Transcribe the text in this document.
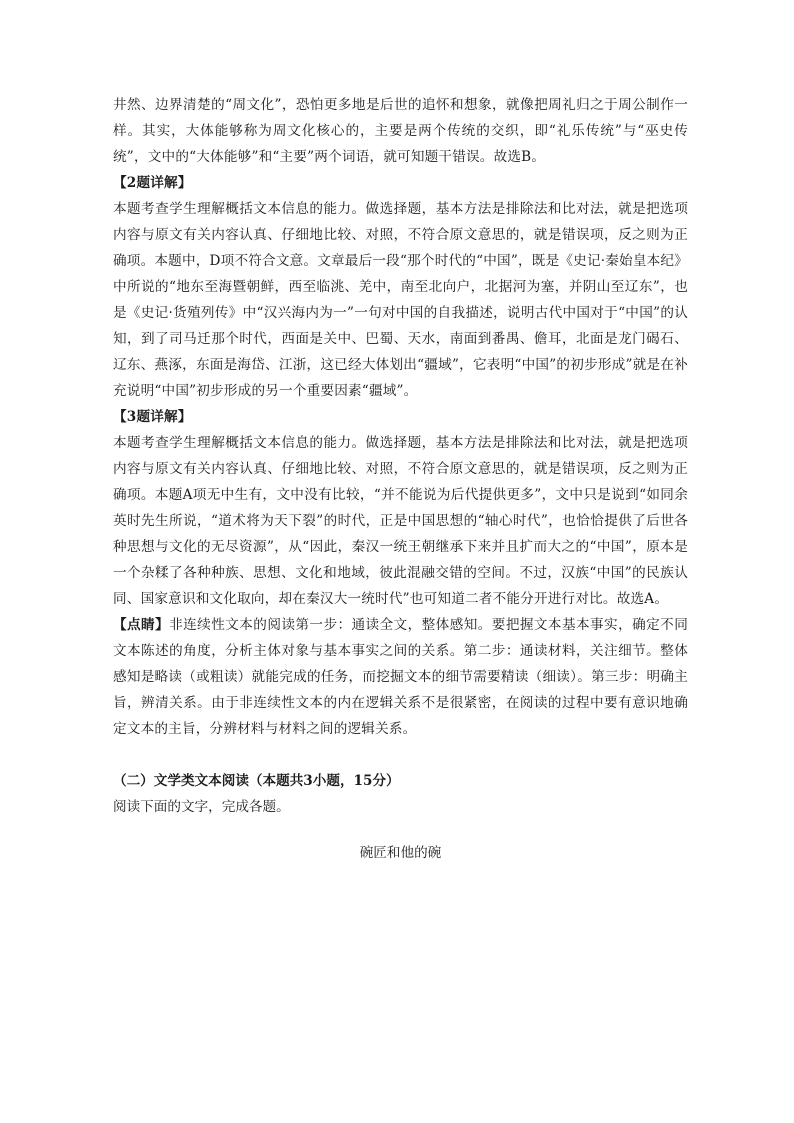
井然、边界清楚的“周文化”，恐怕更多地是后世的追怀和想象，就像把周礼归之于周公制作一样。其实，大体能够称为周文化核心的，主要是两个传统的交织，即“礼乐传统”与“巫史传统”，文中的“大体能够”和“主要”两个词语，就可知题干错误。故选B。

【2题详解】

本题考查学生理解概括文本信息的能力。做选择题，基本方法是排除法和比对法，就是把选项内容与原文有关内容认真、仔细地比较、对照，不符合原文意思的，就是错误项，反之则为正确项。本题中，D项不符合文意。文章最后一段“那个时代的“中国”，既是《史记·秦始皇本纪》中所说的“地东至海暨朝鲜，西至临洮、羌中，南至北向户，北据河为塞，并阴山至辽东”，也是《史记·货殖列传》中“汉兴海内为一”一句对中国的自我描述，说明古代中国对于“中国”的认知，到了司马迁那个时代，西面是关中、巴蜀、天水，南面到番禺、儋耳，北面是龙门碣石、辽东、燕涿，东面是海岱、江浙，这已经大体划出“疆域”，它表明“中国”的初步形成”就是在补充说明“中国”初步形成的另一个重要因素“疆域”。

【3题详解】

本题考查学生理解概括文本信息的能力。做选择题，基本方法是排除法和比对法，就是把选项内容与原文有关内容认真、仔细地比较、对照，不符合原文意思的，就是错误项，反之则为正确项。本题A项无中生有，文中没有比较，“并不能说为后代提供更多”，文中只是说到“如同余英时先生所说，“道术将为天下裂”的时代，正是中国思想的“轴心时代”，也恰恰提供了后世各种思想与文化的无尽资源”，从“因此，秦汉一统王朝继承下来并且扩而大之的“中国”，原本是一个杂糅了各种种族、思想、文化和地域，彼此混融交错的空间。不过，汉族“中国”的民族认同、国家意识和文化取向，却在秦汉大一统时代”也可知道二者不能分开进行对比。故选A。

【点睛】非连续性文本的阅读第一步：通读全文，整体感知。要把握文本基本事实，确定不同文本陈述的角度，分析主体对象与基本事实之间的关系。第二步：通读材料，关注细节。整体感知是略读（或粗读）就能完成的任务，而挖掘文本的细节需要精读（细读）。第三步：明确主旨，辨清关系。由于非连续性文本的内在逻辑关系不是很紧密，在阅读的过程中要有意识地确定文本的主旨，分辨材料与材料之间的逻辑关系。

（二）文学类文本阅读（本题共3小题，15分）

阅读下面的文字，完成各题。

碗匠和他的碗
